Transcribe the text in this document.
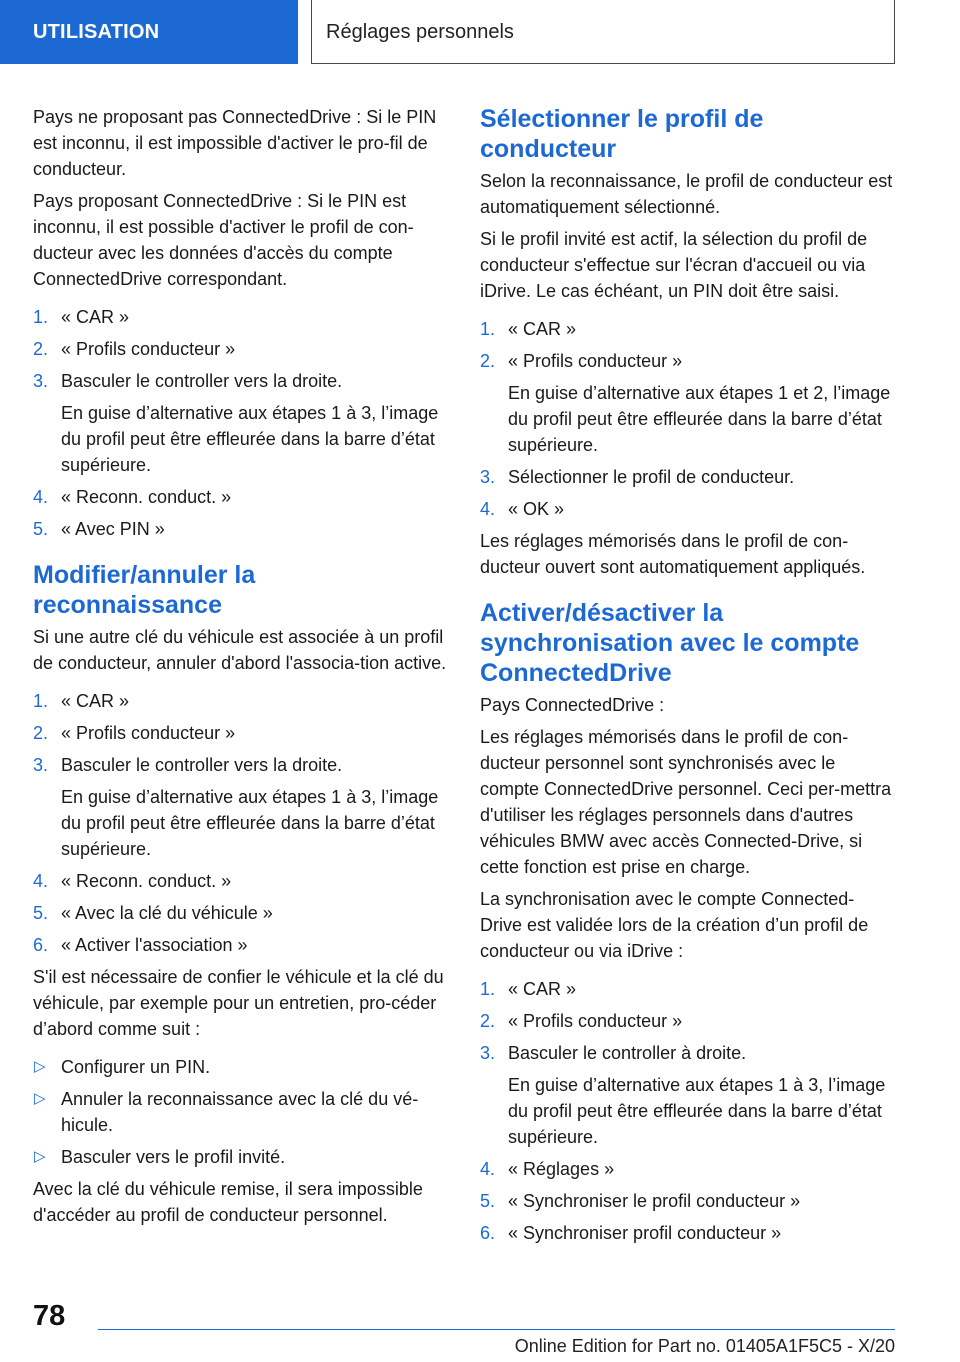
UTILISATION	Réglages personnels

Pays ne proposant pas ConnectedDrive : Si le PIN est inconnu, il est impossible d'activer le pro-fil de conducteur.

Pays proposant ConnectedDrive : Si le PIN est inconnu, il est possible d'activer le profil de con-ducteur avec les données d'accès du compte ConnectedDrive correspondant.

1. « CAR »
2. « Profils conducteur »
3. Basculer le controller vers la droite.
En guise d’alternative aux étapes 1 à 3, l’image du profil peut être effleurée dans la barre d’état supérieure.
4. « Reconn. conduct. »
5. « Avec PIN »
Modifier/annuler la reconnaissance

Si une autre clé du véhicule est associée à un profil de conducteur, annuler d'abord l'associa-tion active.

1. « CAR »
2. « Profils conducteur »
3. Basculer le controller vers la droite.
En guise d’alternative aux étapes 1 à 3, l’image du profil peut être effleurée dans la barre d’état supérieure.
4. « Reconn. conduct. »
5. « Avec la clé du véhicule »
6. « Activer l'association »

S'il est nécessaire de confier le véhicule et la clé du véhicule, par exemple pour un entretien, pro-céder d’abord comme suit :

▷ Configurer un PIN.
▷ Annuler la reconnaissance avec la clé du vé-hicule.
▷ Basculer vers le profil invité.

Avec la clé du véhicule remise, il sera impossible d'accéder au profil de conducteur personnel.

Sélectionner le profil de conducteur

Selon la reconnaissance, le profil de conducteur est automatiquement sélectionné.

Si le profil invité est actif, la sélection du profil de conducteur s'effectue sur l'écran d'accueil ou via iDrive. Le cas échéant, un PIN doit être saisi.

1. « CAR »
2. « Profils conducteur »
En guise d’alternative aux étapes 1 et 2, l’image du profil peut être effleurée dans la barre d’état supérieure.
3. Sélectionner le profil de conducteur.
4. « OK »

Les réglages mémorisés dans le profil de con-ducteur ouvert sont automatiquement appliqués.

Activer/désactiver la synchronisation avec le compte ConnectedDrive

Pays ConnectedDrive :

Les réglages mémorisés dans le profil de con-ducteur personnel sont synchronisés avec le compte ConnectedDrive personnel. Ceci per-mettra d'utiliser les réglages personnels dans d'autres véhicules BMW avec accès Connected-Drive, si cette fonction est prise en charge.

La synchronisation avec le compte Connected-Drive est validée lors de la création d’un profil de conducteur ou via iDrive :

1. « CAR »
2. « Profils conducteur »
3. Basculer le controller à droite.
En guise d’alternative aux étapes 1 à 3, l’image du profil peut être effleurée dans la barre d’état supérieure.
4. « Réglages »
5. « Synchroniser le profil conducteur »
6. « Synchroniser profil conducteur »
78
Online Edition for Part no. 01405A1F5C5 - X/20
